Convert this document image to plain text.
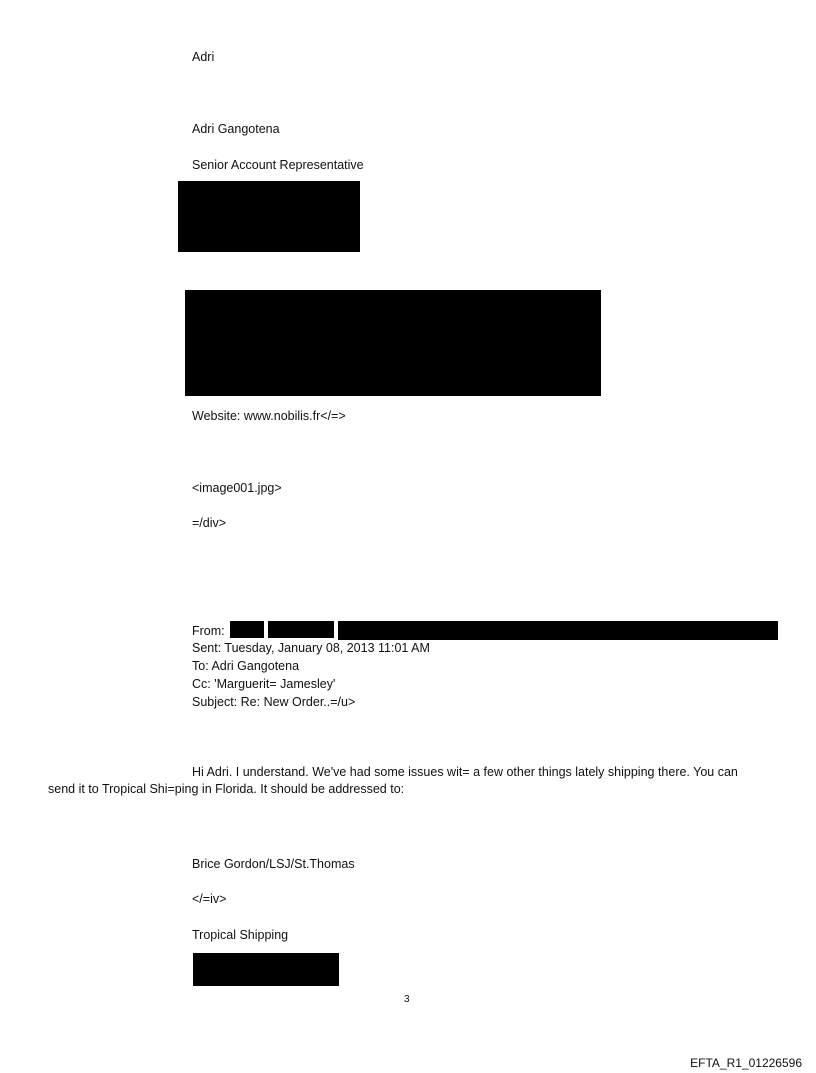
Adri
Adri Gangotena
Senior Account Representative
Website: www.nobilis.fr</=>
<image001.jpg>
=/div>
From:
Sent: Tuesday, January 08, 2013 11:01 AM
To: Adri Gangotena
Cc: 'Marguerit= Jamesley'
Subject: Re: New Order..=/u>
Hi Adri. I understand. We've had some issues wit= a few other things lately shipping there. You can send it to Tropical Shi=ping in Florida. It should be addressed to:
Brice Gordon/LSJ/St.Thomas
</=iv>
Tropical Shipping
3
EFTA_R1_01226596
